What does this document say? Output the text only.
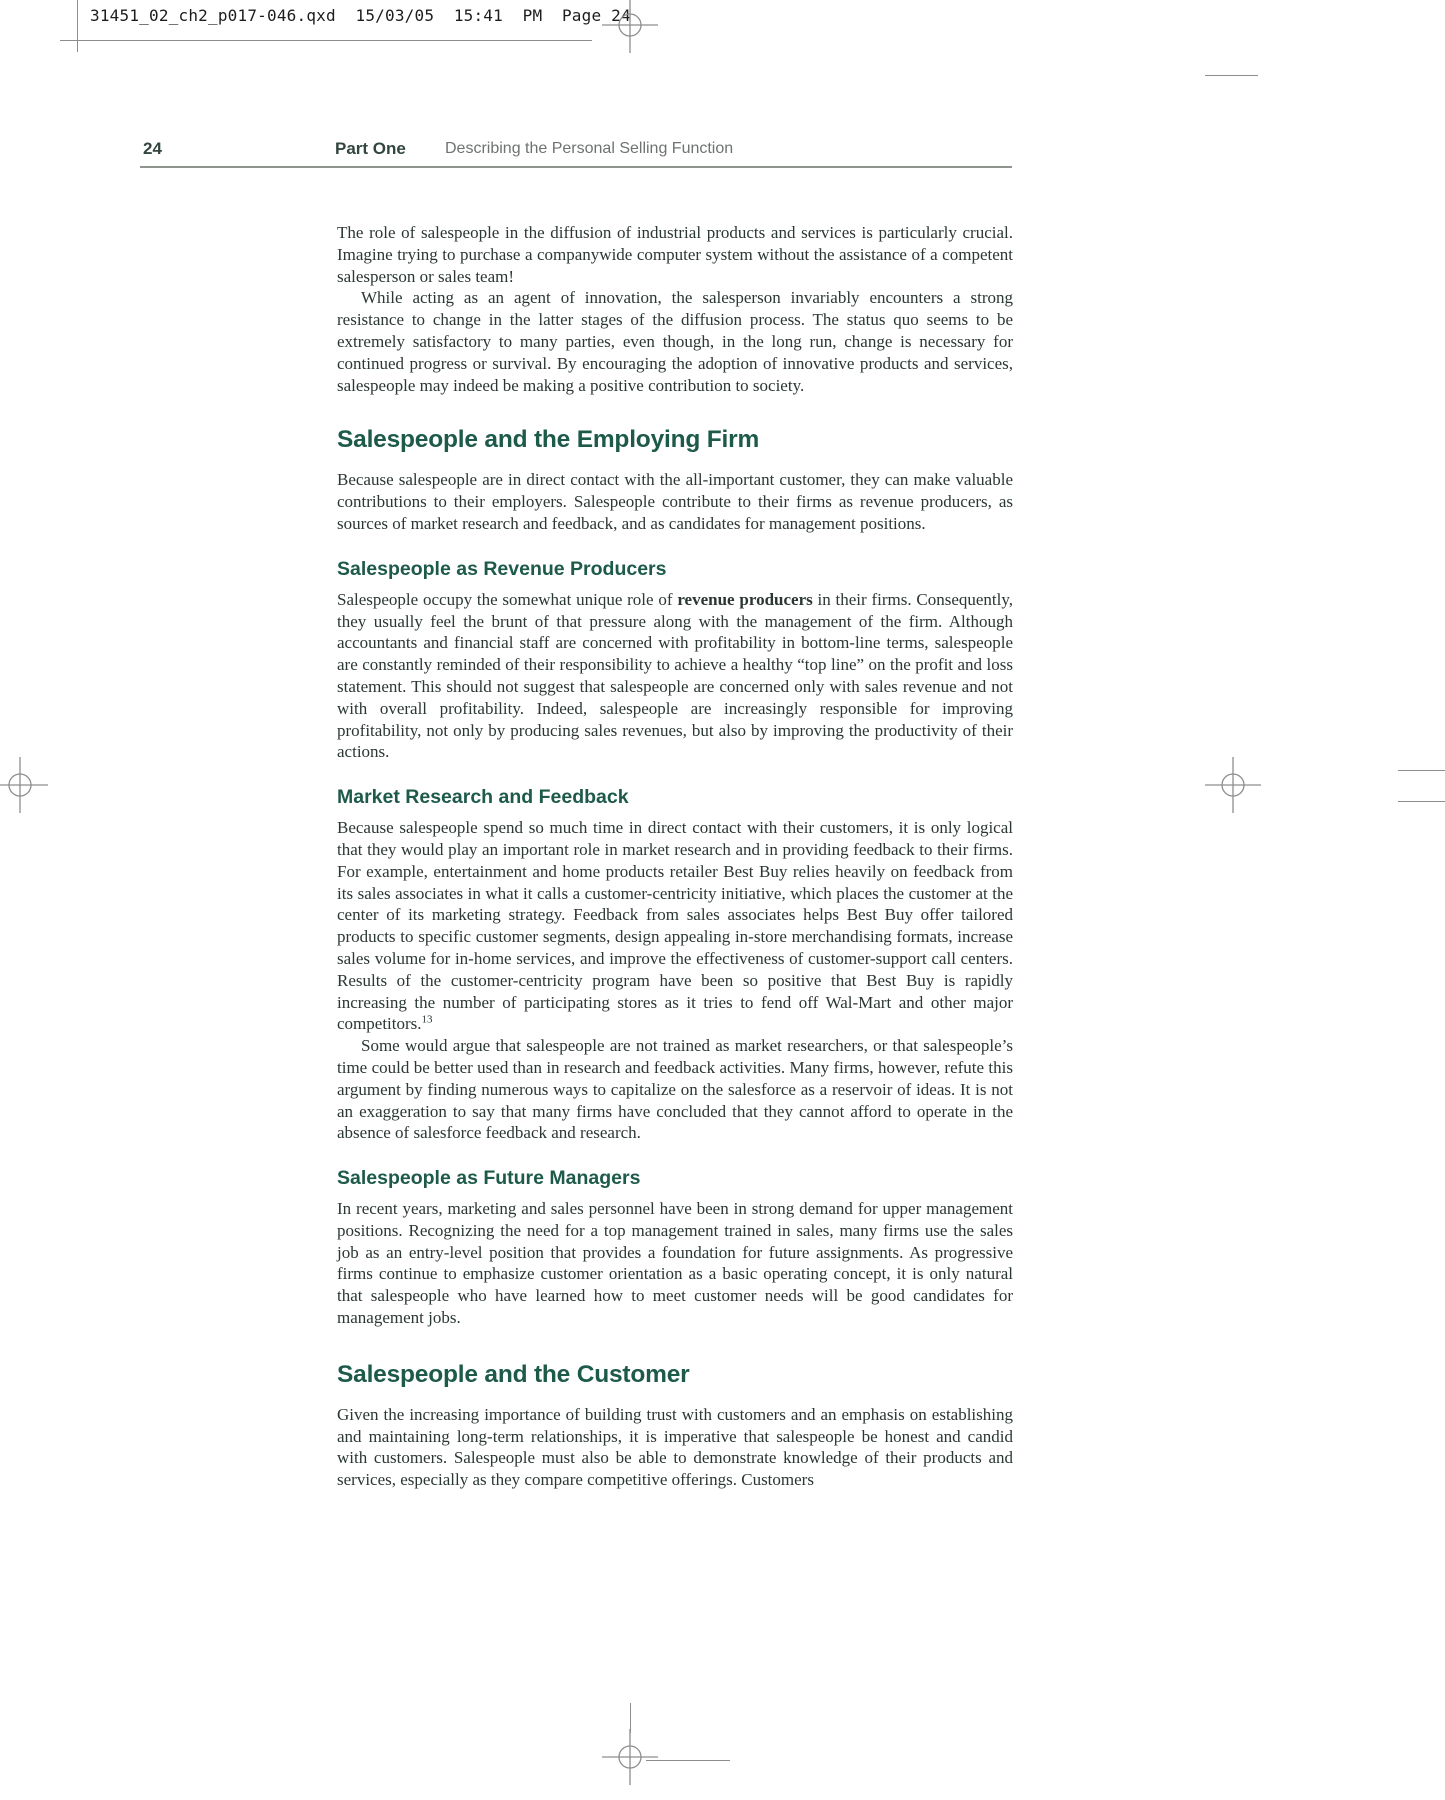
31451_02_ch2_p017-046.qxd  15/03/05  15:41  PM  Page 24
24	Part One Describing the Personal Selling Function

The role of salespeople in the diffusion of industrial products and services is particularly crucial. Imagine trying to purchase a companywide computer system without the assistance of a competent salesperson or sales team!

While acting as an agent of innovation, the salesperson invariably encounters a strong resistance to change in the latter stages of the diffusion process. The status quo seems to be extremely satisfactory to many parties, even though, in the long run, change is necessary for continued progress or survival. By encouraging the adoption of innovative products and services, salespeople may indeed be making a positive contribution to society.

Salespeople and the Employing Firm

Because salespeople are in direct contact with the all-important customer, they can make valuable contributions to their employers. Salespeople contribute to their firms as revenue producers, as sources of market research and feedback, and as candidates for management positions.

Salespeople as Revenue Producers

Salespeople occupy the somewhat unique role of revenue producers in their firms. Consequently, they usually feel the brunt of that pressure along with the management of the firm. Although accountants and financial staff are concerned with profitability in bottom-line terms, salespeople are constantly reminded of their responsibility to achieve a healthy “top line” on the profit and loss statement. This should not suggest that salespeople are concerned only with sales revenue and not with overall profitability. Indeed, salespeople are increasingly responsible for improving profitability, not only by producing sales revenues, but also by improving the productivity of their actions.

Market Research and Feedback

Because salespeople spend so much time in direct contact with their customers, it is only logical that they would play an important role in market research and in providing feedback to their firms. For example, entertainment and home products retailer Best Buy relies heavily on feedback from its sales associates in what it calls a customer-centricity initiative, which places the customer at the center of its marketing strategy. Feedback from sales associates helps Best Buy offer tailored products to specific customer segments, design appealing in-store merchandising formats, increase sales volume for in-home services, and improve the effectiveness of customer-support call centers. Results of the customer-centricity program have been so positive that Best Buy is rapidly increasing the number of participating stores as it tries to fend off Wal-Mart and other major competitors.$^{13}$

Some would argue that salespeople are not trained as market researchers, or that salespeople’s time could be better used than in research and feedback activities. Many firms, however, refute this argument by finding numerous ways to capitalize on the salesforce as a reservoir of ideas. It is not an exaggeration to say that many firms have concluded that they cannot afford to operate in the absence of salesforce feedback and research.

Salespeople as Future Managers

In recent years, marketing and sales personnel have been in strong demand for upper management positions. Recognizing the need for a top management trained in sales, many firms use the sales job as an entry-level position that provides a foundation for future assignments. As progressive firms continue to emphasize customer orientation as a basic operating concept, it is only natural that salespeople who have learned how to meet customer needs will be good candidates for management jobs.

Salespeople and the Customer

Given the increasing importance of building trust with customers and an emphasis on establishing and maintaining long-term relationships, it is imperative that salespeople be honest and candid with customers. Salespeople must also be able to demonstrate knowledge of their products and services, especially as they compare competitive offerings. Customers
